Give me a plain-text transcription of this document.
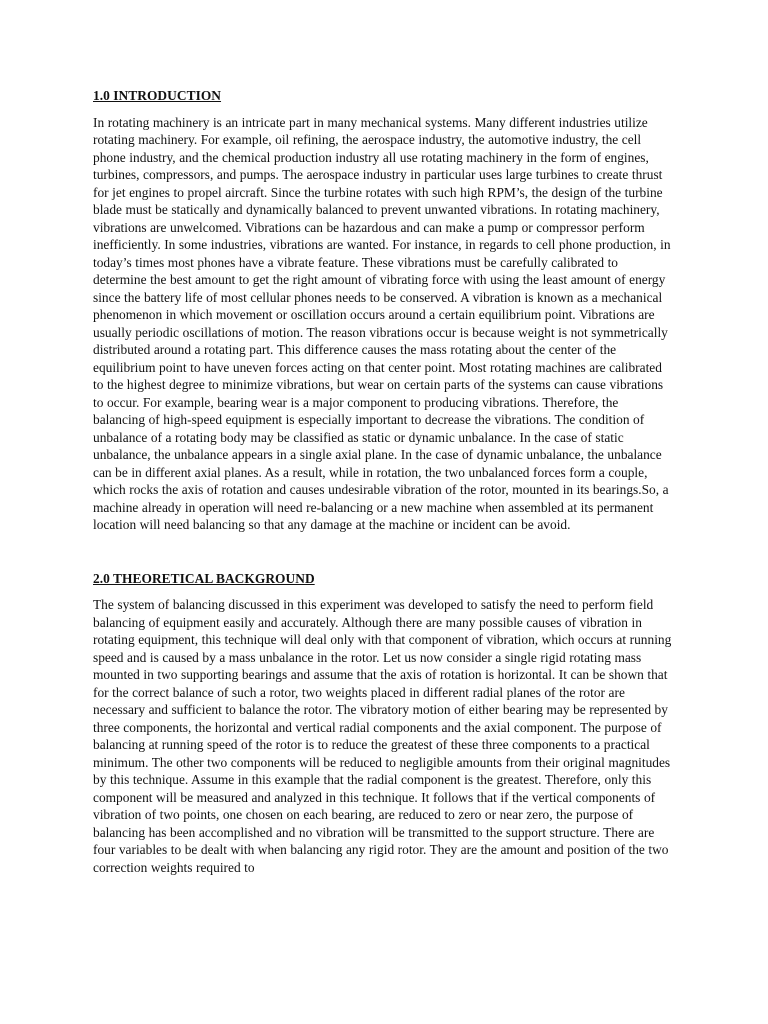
1.0 INTRODUCTION

In rotating machinery is an intricate part in many mechanical systems. Many different industries utilize rotating machinery. For example, oil refining, the aerospace industry, the automotive industry, the cell phone industry, and the chemical production industry all use rotating machinery in the form of engines, turbines, compressors, and pumps. The aerospace industry in particular uses large turbines to create thrust for jet engines to propel aircraft. Since the turbine rotates with such high RPM’s, the design of the turbine blade must be statically and dynamically balanced to prevent unwanted vibrations. In rotating machinery, vibrations are unwelcomed. Vibrations can be hazardous and can make a pump or compressor perform inefficiently. In some industries, vibrations are wanted. For instance, in regards to cell phone production, in today’s times most phones have a vibrate feature. These vibrations must be carefully calibrated to determine the best amount to get the right amount of vibrating force with using the least amount of energy since the battery life of most cellular phones needs to be conserved. A vibration is known as a mechanical phenomenon in which movement or oscillation occurs around a certain equilibrium point. Vibrations are usually periodic oscillations of motion. The reason vibrations occur is because weight is not symmetrically distributed around a rotating part. This difference causes the mass rotating about the center of the equilibrium point to have uneven forces acting on that center point. Most rotating machines are calibrated to the highest degree to minimize vibrations, but wear on certain parts of the systems can cause vibrations to occur. For example, bearing wear is a major component to producing vibrations. Therefore, the balancing of high-speed equipment is especially important to decrease the vibrations. The condition of unbalance of a rotating body may be classified as static or dynamic unbalance. In the case of static unbalance, the unbalance appears in a single axial plane. In the case of dynamic unbalance, the unbalance can be in different axial planes. As a result, while in rotation, the two unbalanced forces form a couple, which rocks the axis of rotation and causes undesirable vibration of the rotor, mounted in its bearings.So, a machine already in operation will need re-balancing or a new machine when assembled at its permanent location will need balancing so that any damage at the machine or incident can be avoid.

2.0 THEORETICAL BACKGROUND

The system of balancing discussed in this experiment was developed to satisfy the need to perform field balancing of equipment easily and accurately. Although there are many possible causes of vibration in rotating equipment, this technique will deal only with that component of vibration, which occurs at running speed and is caused by a mass unbalance in the rotor. Let us now consider a single rigid rotating mass mounted in two supporting bearings and assume that the axis of rotation is horizontal. It can be shown that for the correct balance of such a rotor, two weights placed in different radial planes of the rotor are necessary and sufficient to balance the rotor. The vibratory motion of either bearing may be represented by three components, the horizontal and vertical radial components and the axial component. The purpose of balancing at running speed of the rotor is to reduce the greatest of these three components to a practical minimum. The other two components will be reduced to negligible amounts from their original magnitudes by this technique. Assume in this example that the radial component is the greatest. Therefore, only this component will be measured and analyzed in this technique. It follows that if the vertical components of vibration of two points, one chosen on each bearing, are reduced to zero or near zero, the purpose of balancing has been accomplished and no vibration will be transmitted to the support structure. There are four variables to be dealt with when balancing any rigid rotor. They are the amount and position of the two correction weights required to
